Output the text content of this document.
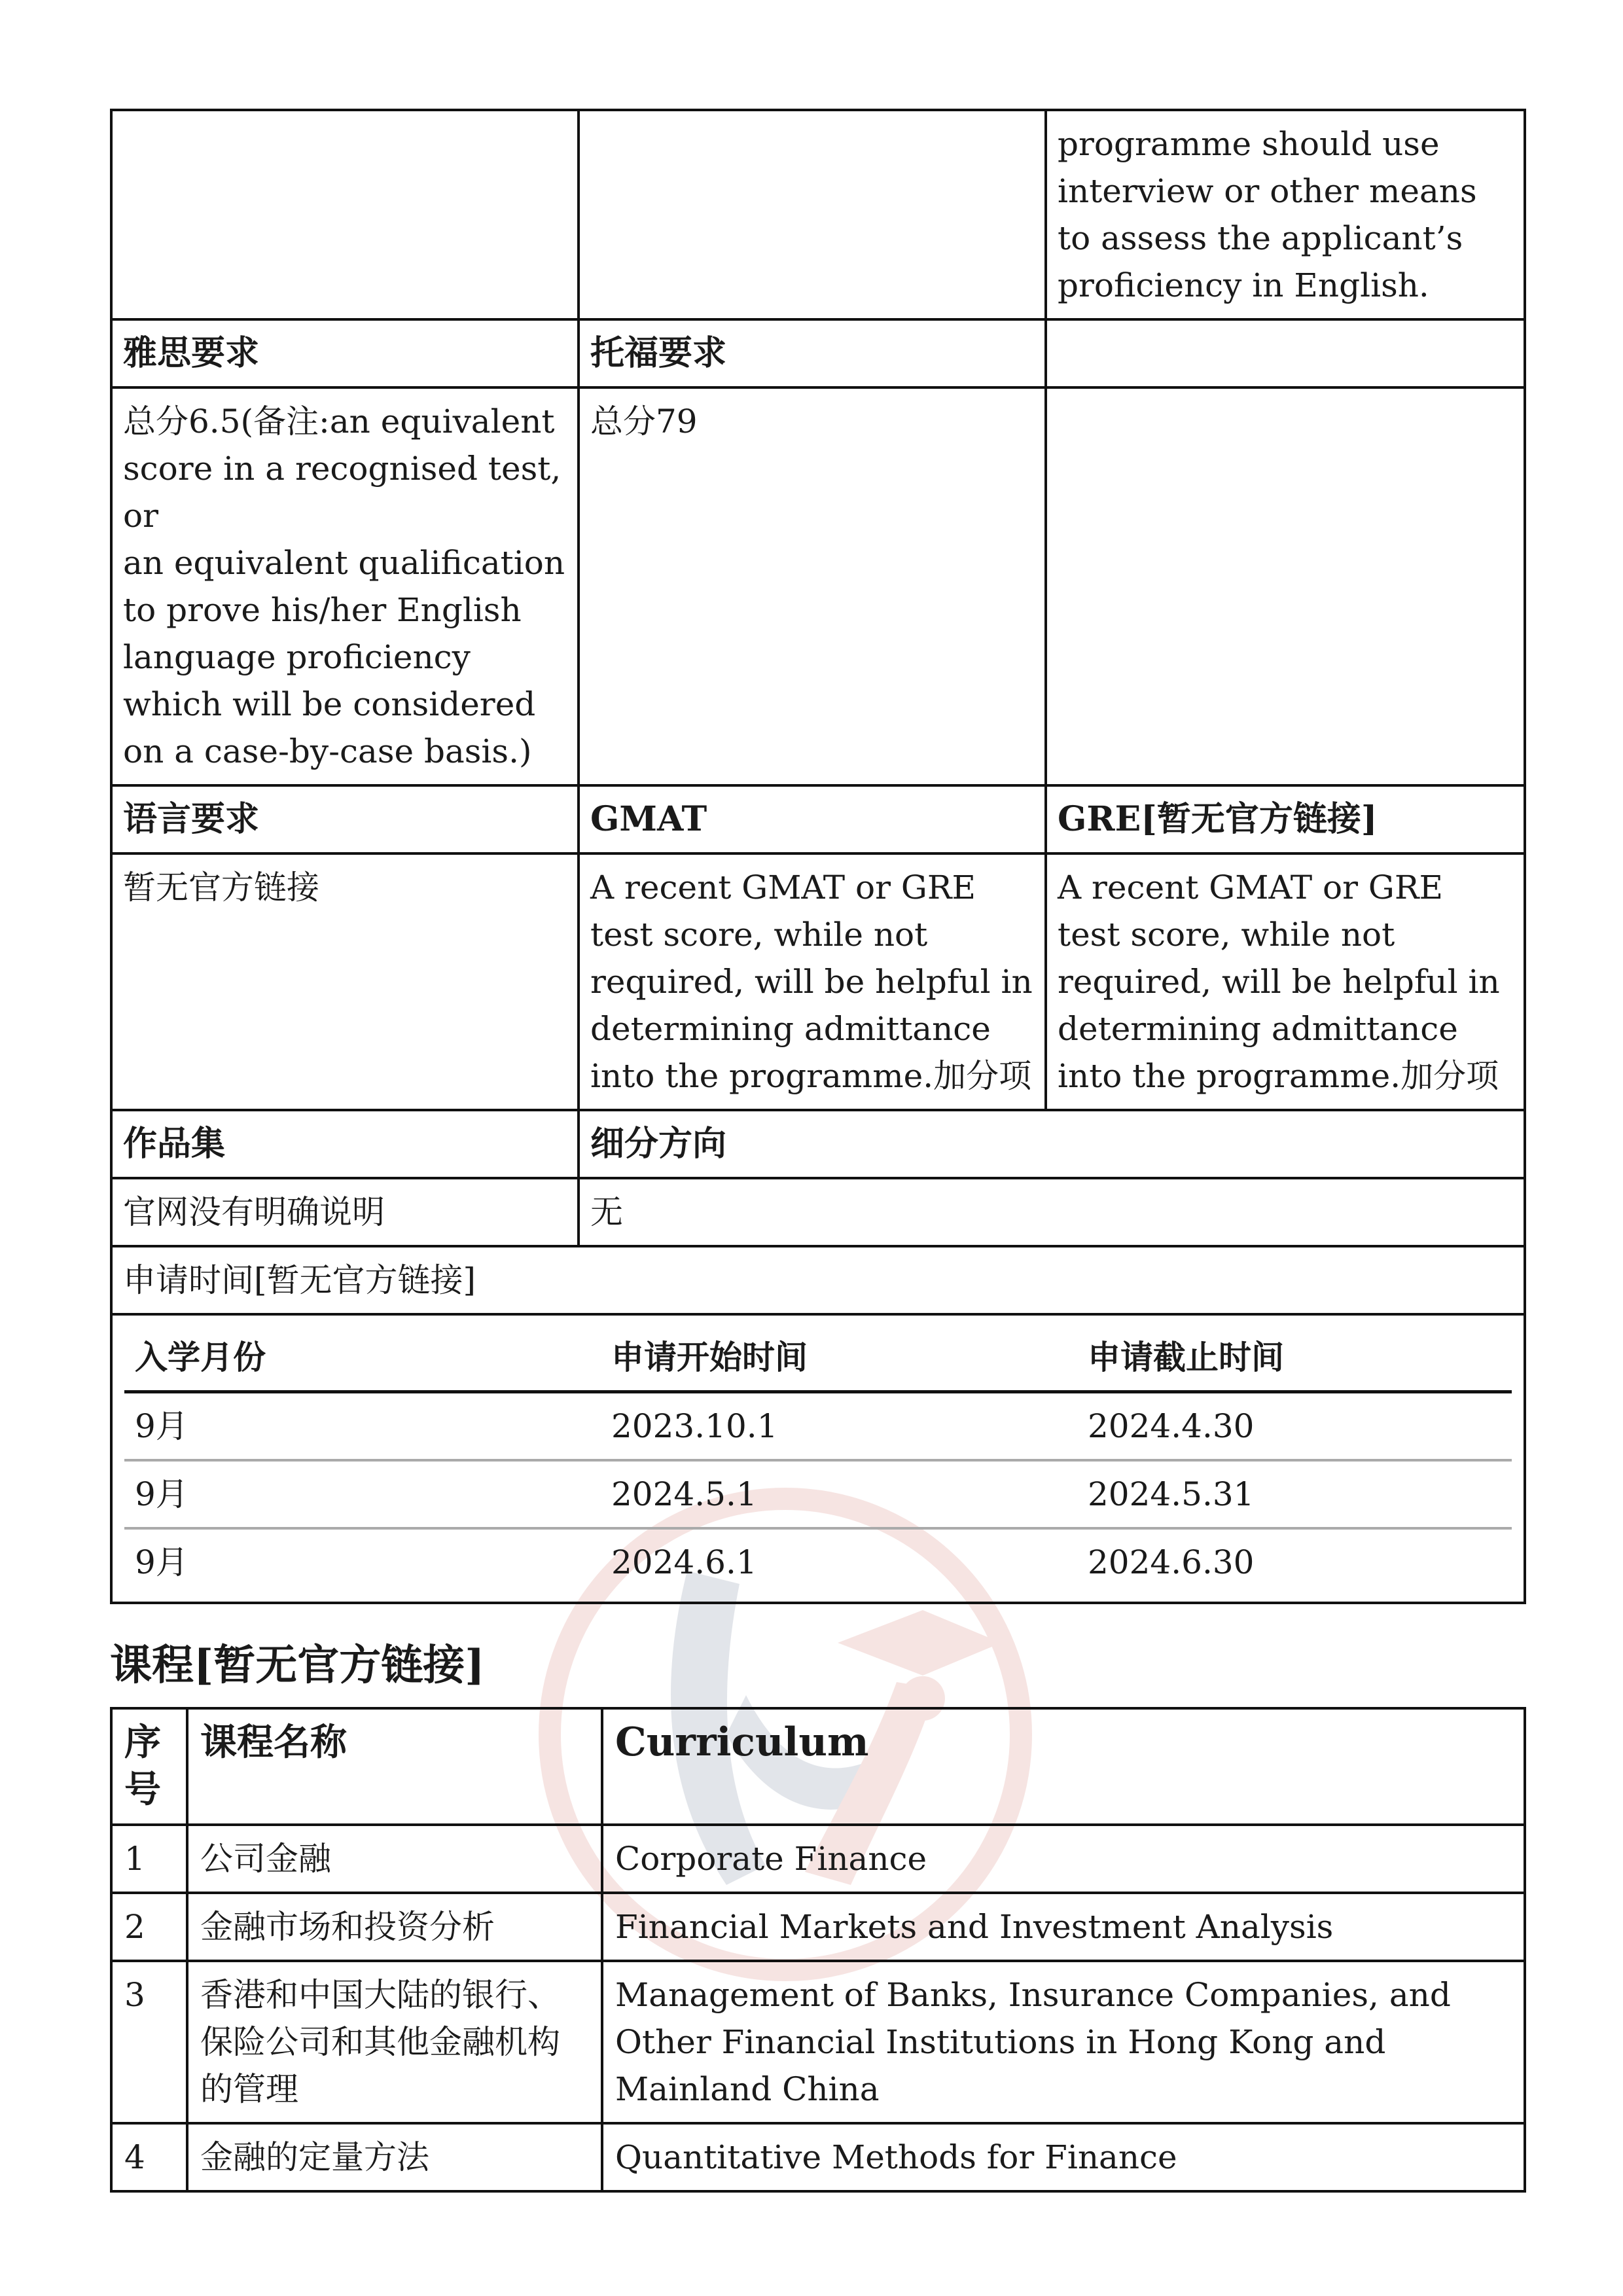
		programme should use interview or other means to assess the applicant’s proficiency in English.
雅思要求	托福要求	
总分6.5(备注:an equivalent score in a recognised test, or
an equivalent qualification to prove his/her English language proficiency which will be considered on a case-by-case basis.)	总分79	
语言要求	GMAT	GRE[暂无官方链接]
暂无官方链接	A recent GMAT or GRE test score, while not required, will be helpful in determining admittance into the programme.加分项	A recent GMAT or GRE test score, while not required, will be helpful in determining admittance into the programme.加分项
作品集	细分方向
官网没有明确说明	无
申请时间[暂无官方链接]

入学月份	申请开始时间	申请截止时间
9月	2023.10.1	2024.4.30
9月	2024.5.1	2024.5.31
9月	2024.6.1	2024.6.30
课程[暂无官方链接]
序号	课程名称	Curriculum
1	公司金融	Corporate Finance
2	金融市场和投资分析	Financial Markets and Investment Analysis
3	香港和中国大陆的银行、保险公司和其他金融机构的管理	Management of Banks, Insurance Companies, and Other Financial Institutions in Hong Kong and Mainland China
4	金融的定量方法	Quantitative Methods for Finance
